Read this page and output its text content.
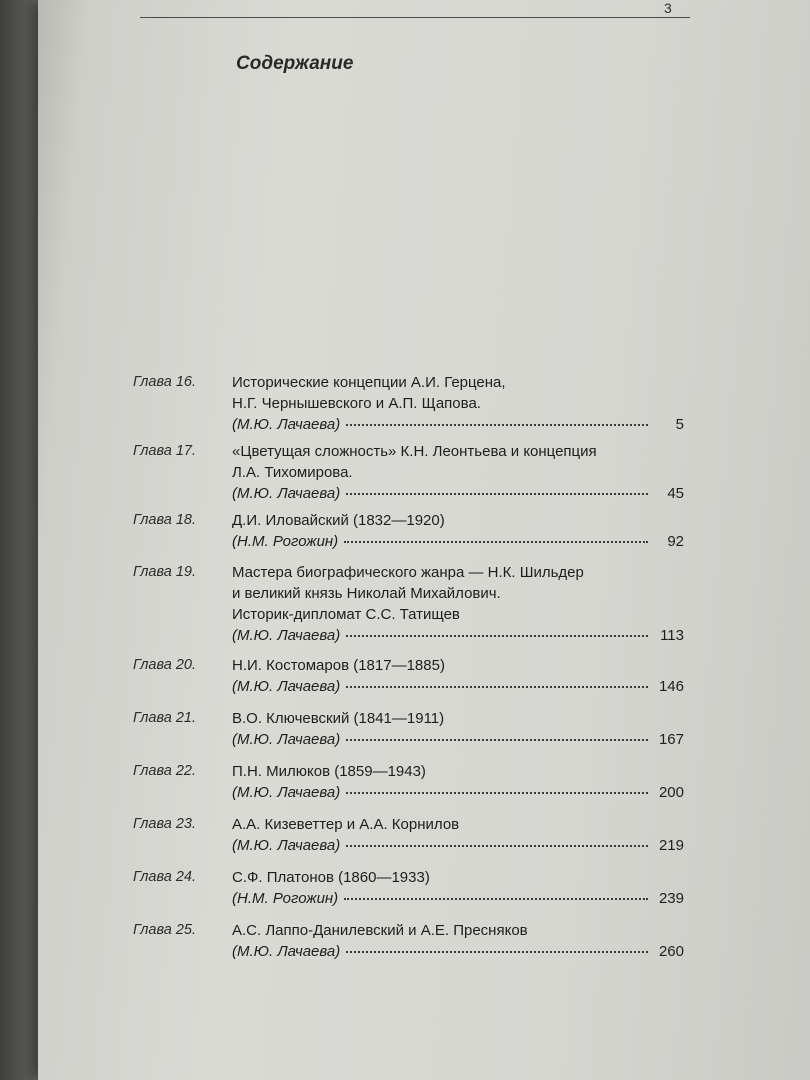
3
Содержание
Глава 16.	Исторические концепции А.И. Герцена,
Н.Г. Чернышевского и А.П. Щапова.
(М.Ю. Лачаева)	5
Глава 17.	«Цветущая сложность» К.Н. Леонтьева и концепция
Л.А. Тихомирова.
(М.Ю. Лачаева)	45
Глава 18.	Д.И. Иловайский (1832—1920)
(Н.М. Рогожин)	92
Глава 19.	Мастера биографического жанра — Н.К. Шильдер
и великий князь Николай Михайлович.
Историк-дипломат С.С. Татищев
(М.Ю. Лачаева)	113
Глава 20.	Н.И. Костомаров (1817—1885)
(М.Ю. Лачаева)	146
Глава 21.	В.О. Ключевский (1841—1911)
(М.Ю. Лачаева)	167
Глава 22.	П.Н. Милюков (1859—1943)
(М.Ю. Лачаева)	200
Глава 23.	А.А. Кизеветтер и А.А. Корнилов
(М.Ю. Лачаева)	219
Глава 24.	С.Ф. Платонов (1860—1933)
(Н.М. Рогожин)	239
Глава 25.	А.С. Лаппо-Данилевский и А.Е. Пресняков
(М.Ю. Лачаева)	260
